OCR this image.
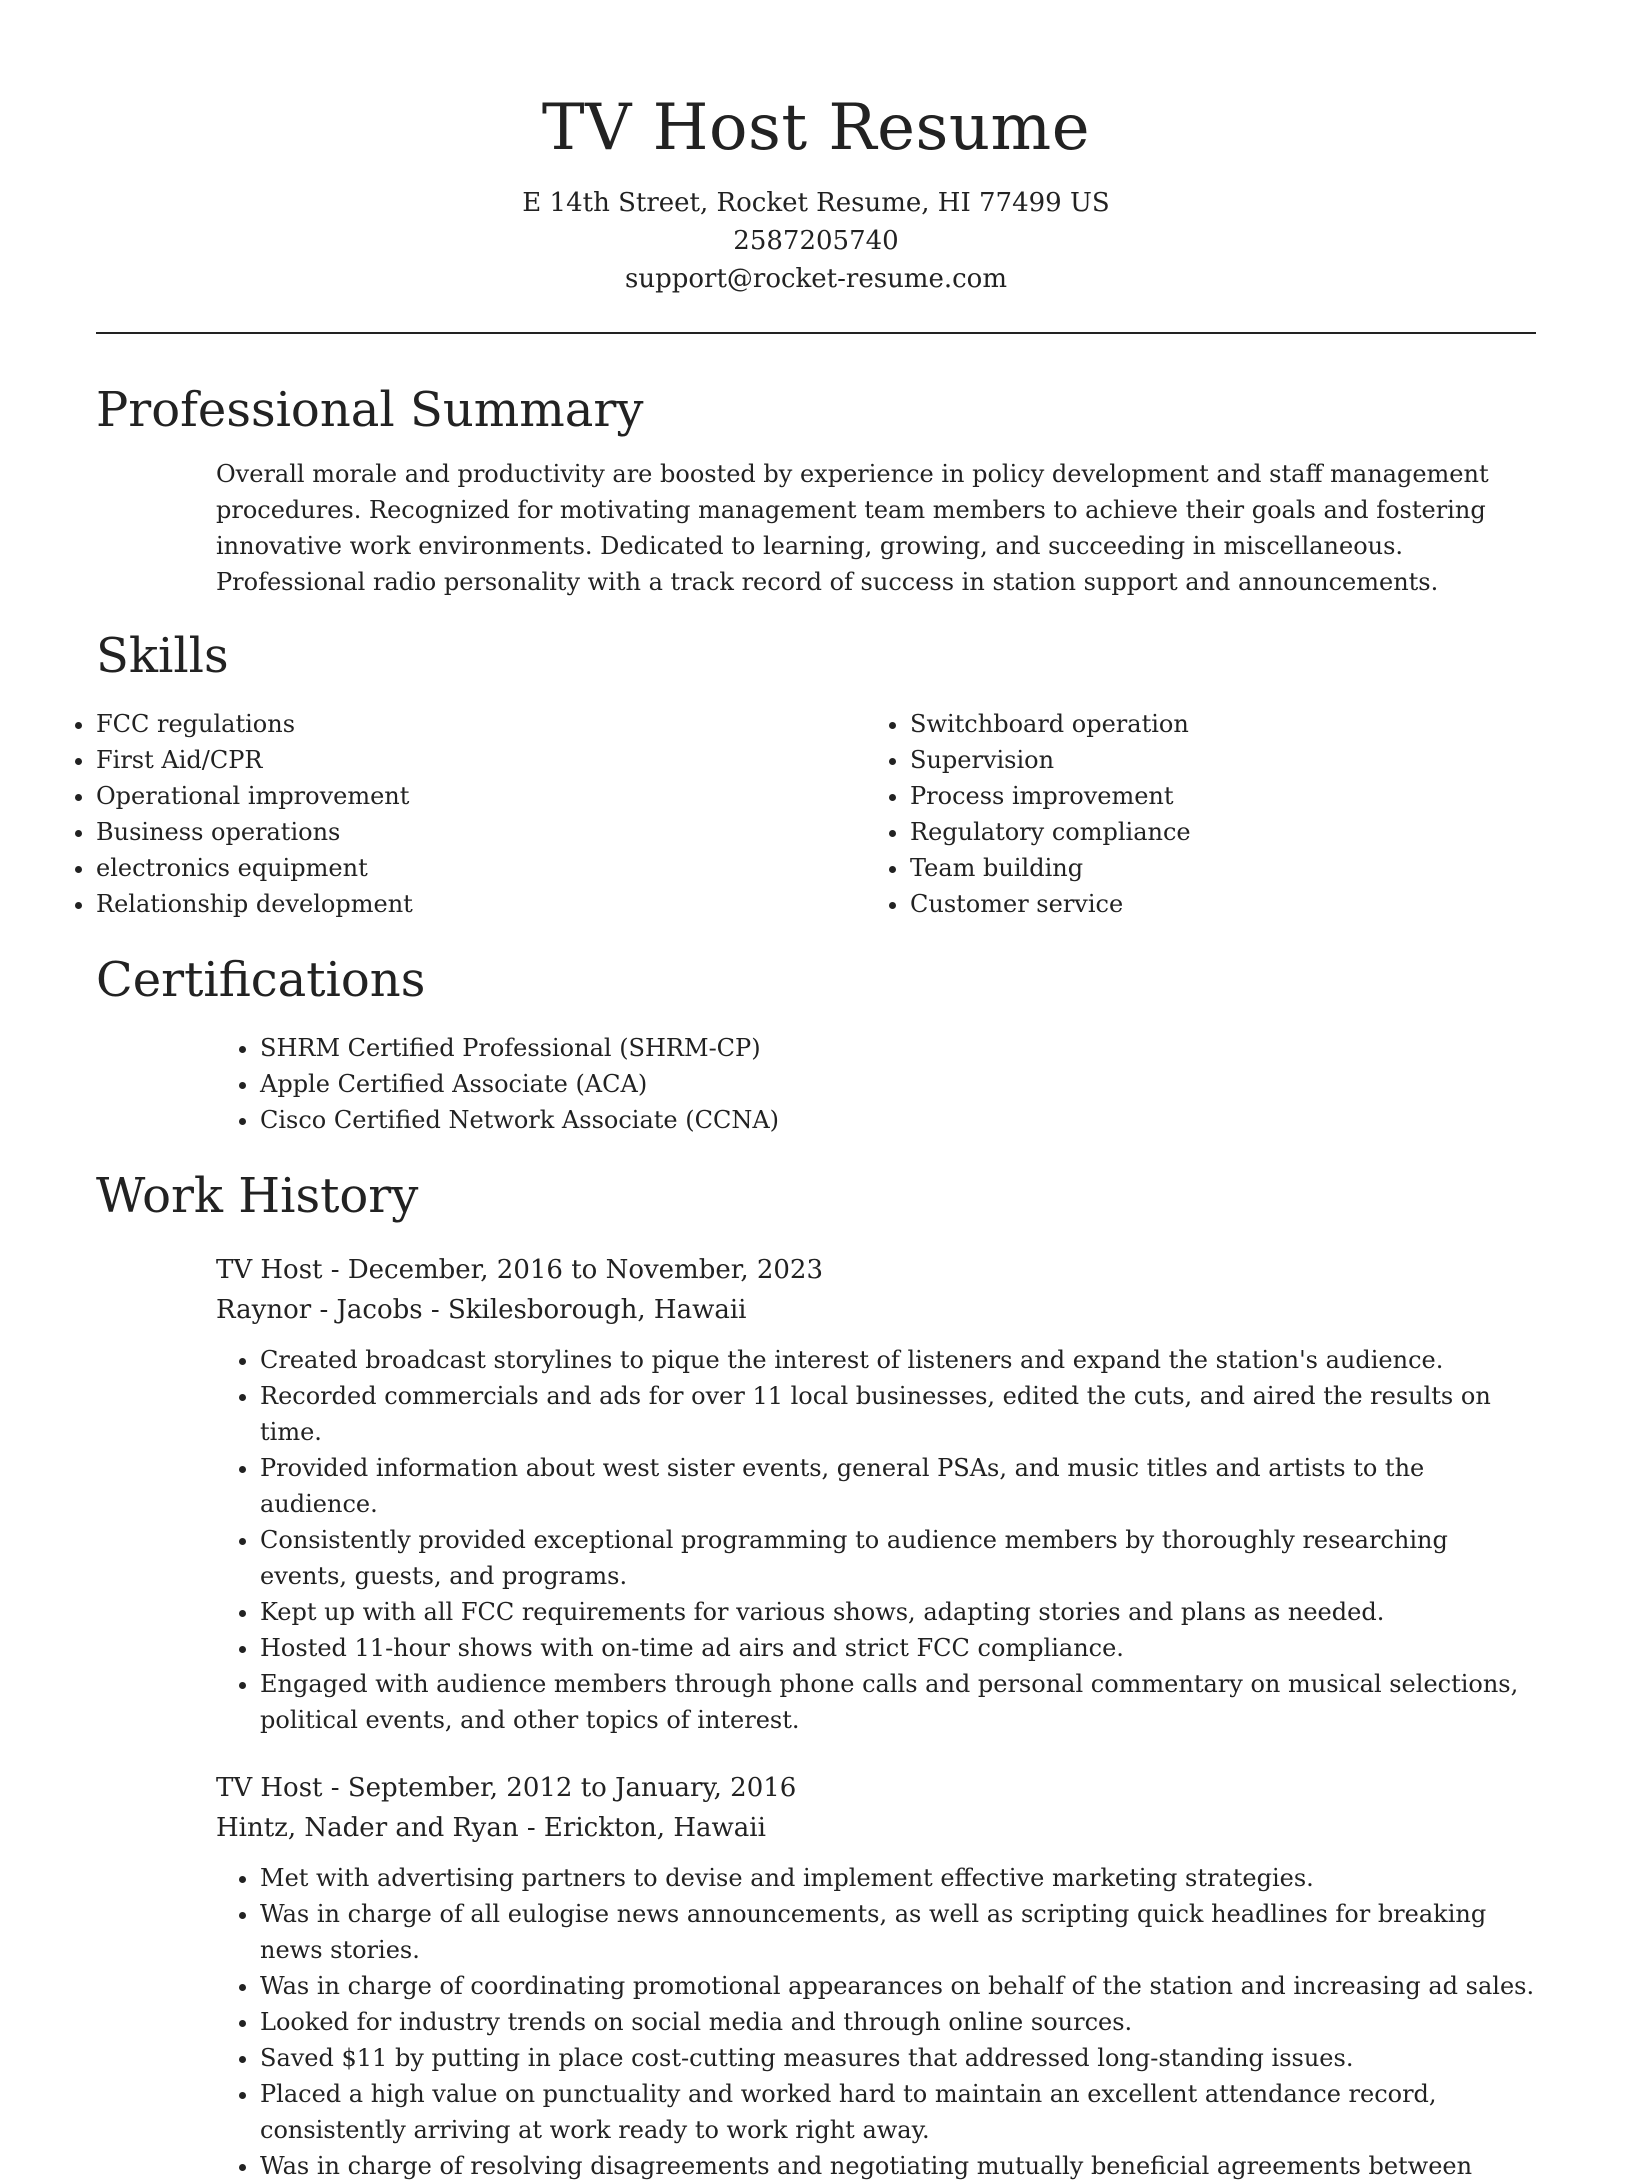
TV Host Resume

E 14th Street, Rocket Resume, HI 77499 US

2587205740

support@rocket-resume.com

Professional Summary

Overall morale and productivity are boosted by experience in policy development and staff management procedures. Recognized for motivating management team members to achieve their goals and fostering innovative work environments. Dedicated to learning, growing, and succeeding in miscellaneous. Professional radio personality with a track record of success in station support and announcements.

Skills
• FCC regulations
• First Aid/CPR
• Operational improvement
• Business operations
• electronics equipment
• Relationship development
• Switchboard operation
• Supervision
• Process improvement
• Regulatory compliance
• Team building
• Customer service
Certifications
• SHRM Certified Professional (SHRM-CP)
• Apple Certified Associate (ACA)
• Cisco Certified Network Associate (CCNA)
Work History

TV Host - December, 2016 to November, 2023

Raynor - Jacobs - Skilesborough, Hawaii

• Created broadcast storylines to pique the interest of listeners and expand the station's audience.
• Recorded commercials and ads for over 11 local businesses, edited the cuts, and aired the results on time.
• Provided information about west sister events, general PSAs, and music titles and artists to the audience.
• Consistently provided exceptional programming to audience members by thoroughly researching events, guests, and programs.
• Kept up with all FCC requirements for various shows, adapting stories and plans as needed.
• Hosted 11-hour shows with on-time ad airs and strict FCC compliance.
• Engaged with audience members through phone calls and personal commentary on musical selections, political events, and other topics of interest.

TV Host - September, 2012 to January, 2016

Hintz, Nader and Ryan - Erickton, Hawaii

• Met with advertising partners to devise and implement effective marketing strategies.
• Was in charge of all eulogise news announcements, as well as scripting quick headlines for breaking news stories.
• Was in charge of coordinating promotional appearances on behalf of the station and increasing ad sales.
• Looked for industry trends on social media and through online sources.
• Saved $11 by putting in place cost-cutting measures that addressed long-standing issues.
• Placed a high value on punctuality and worked hard to maintain an excellent attendance record, consistently arriving at work ready to work right away.
• Was in charge of resolving disagreements and negotiating mutually beneficial agreements between
